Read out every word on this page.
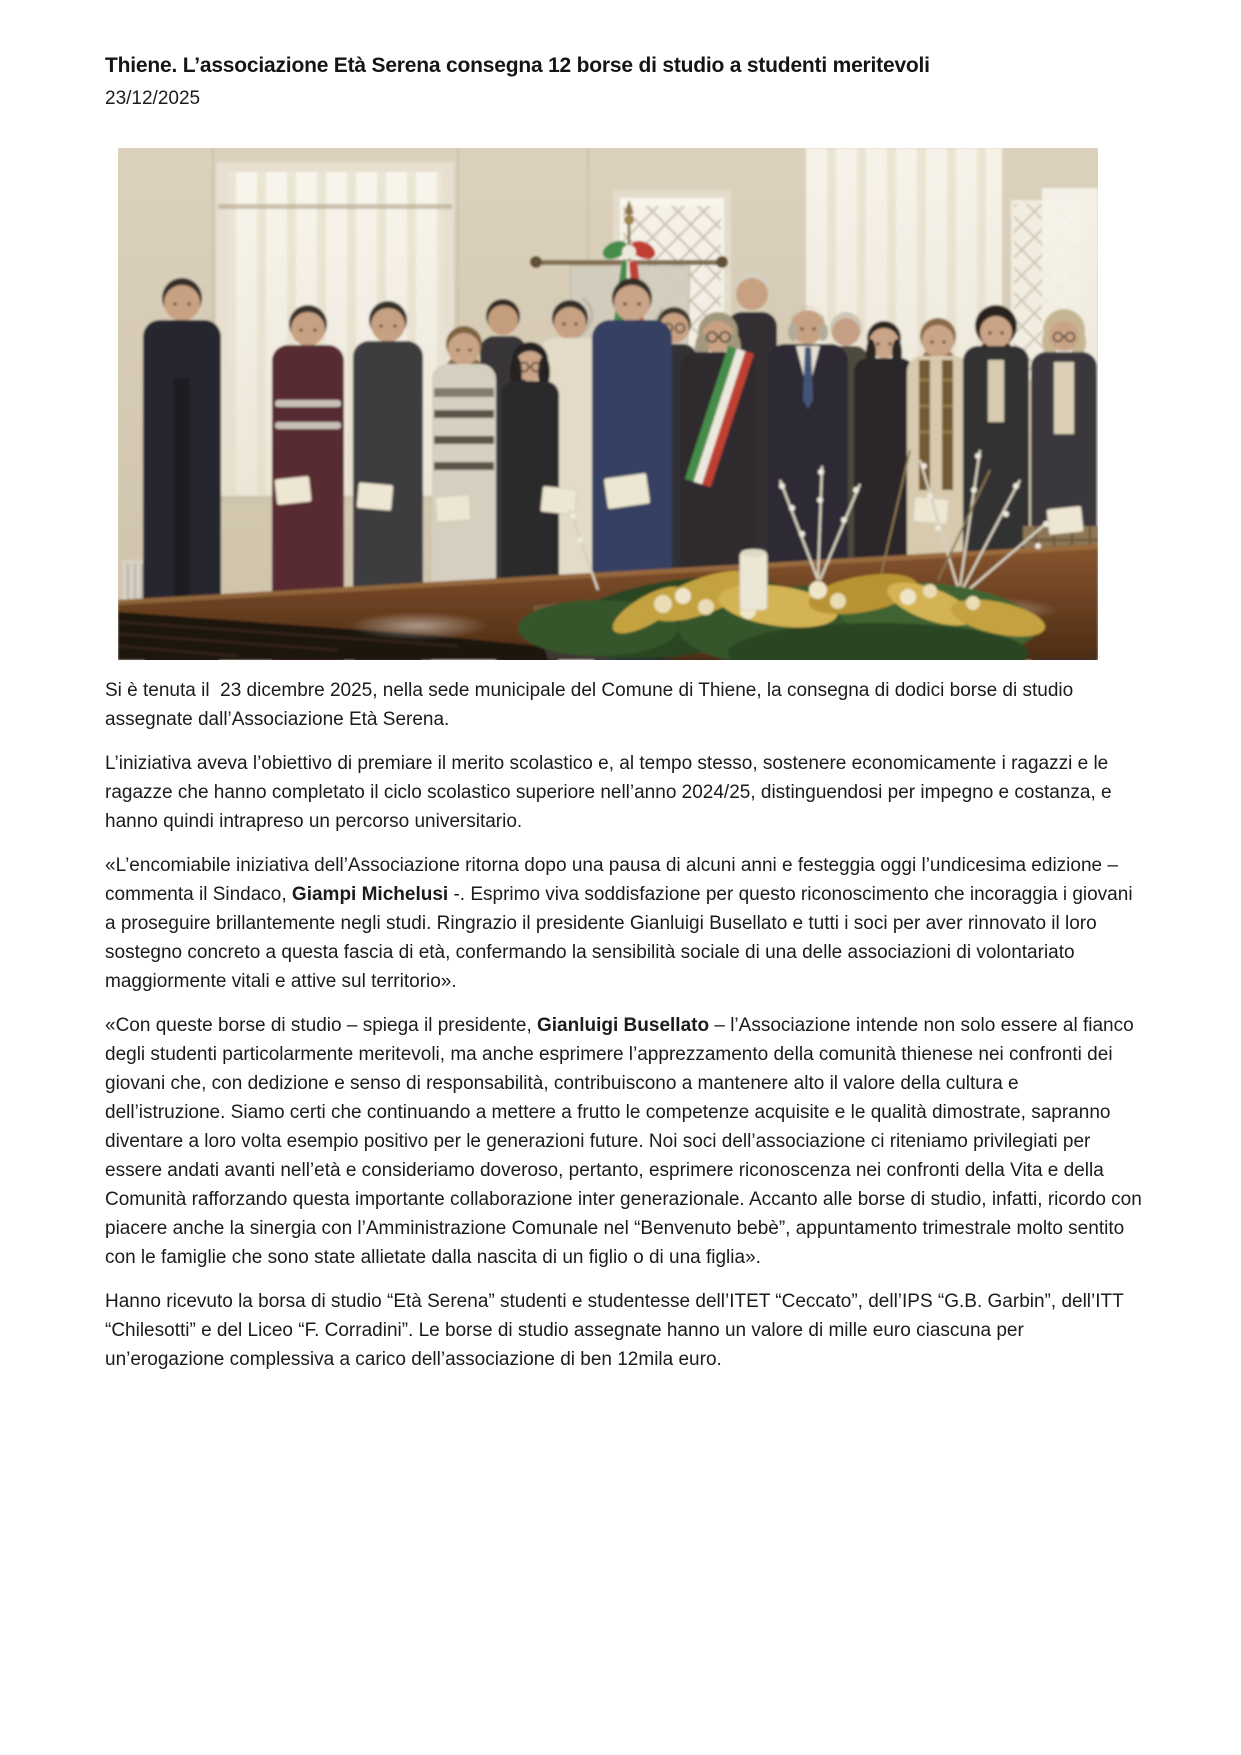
Thiene. L’associazione Età Serena consegna 12 borse di studio a studenti meritevoli
23/12/2025

Si è tenuta il  23 dicembre 2025, nella sede municipale del Comune di Thiene, la consegna di dodici borse di studio assegnate dall’Associazione Età Serena.

L’iniziativa aveva l’obiettivo di premiare il merito scolastico e, al tempo stesso, sostenere economicamente i ragazzi e le ragazze che hanno completato il ciclo scolastico superiore nell’anno 2024/25, distinguendosi per impegno e costanza, e hanno quindi intrapreso un percorso universitario.

«L’encomiabile iniziativa dell’Associazione ritorna dopo una pausa di alcuni anni e festeggia oggi l’undicesima edizione – commenta il Sindaco, Giampi Michelusi -. Esprimo viva soddisfazione per questo riconoscimento che incoraggia i giovani a proseguire brillantemente negli studi. Ringrazio il presidente Gianluigi Busellato e tutti i soci per aver rinnovato il loro sostegno concreto a questa fascia di età, confermando la sensibilità sociale di una delle associazioni di volontariato maggiormente vitali e attive sul territorio».

«Con queste borse di studio – spiega il presidente, Gianluigi Busellato – l’Associazione intende non solo essere al fianco degli studenti particolarmente meritevoli, ma anche esprimere l’apprezzamento della comunità thienese nei confronti dei giovani che, con dedizione e senso di responsabilità, contribuiscono a mantenere alto il valore della cultura e dell’istruzione. Siamo certi che continuando a mettere a frutto le competenze acquisite e le qualità dimostrate, sapranno diventare a loro volta esempio positivo per le generazioni future. Noi soci dell’associazione ci riteniamo privilegiati per essere andati avanti nell’età e consideriamo doveroso, pertanto, esprimere riconoscenza nei confronti della Vita e della Comunità rafforzando questa importante collaborazione inter generazionale. Accanto alle borse di studio, infatti, ricordo con piacere anche la sinergia con l’Amministrazione Comunale nel “Benvenuto bebè”, appuntamento trimestrale molto sentito con le famiglie che sono state allietate dalla nascita di un figlio o di una figlia».

Hanno ricevuto la borsa di studio “Età Serena” studenti e studentesse dell’ITET “Ceccato”, dell’IPS “G.B. Garbin”, dell’ITT “Chilesotti” e del Liceo “F. Corradini”. Le borse di studio assegnate hanno un valore di mille euro ciascuna per un’erogazione complessiva a carico dell’associazione di ben 12mila euro.
